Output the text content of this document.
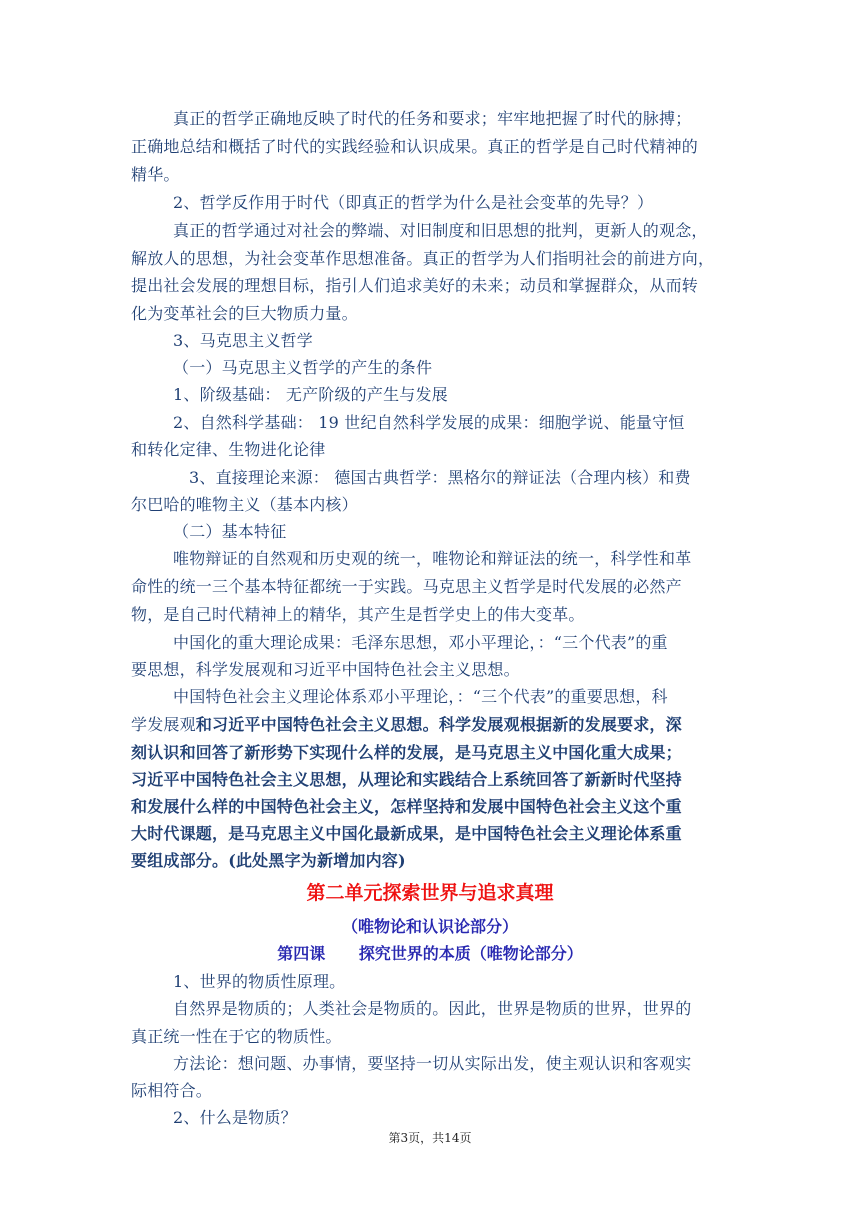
真正的哲学正确地反映了时代的任务和要求；牢牢地把握了时代的脉搏；
正确地总结和概括了时代的实践经验和认识成果。真正的哲学是自己时代精神的
精华。
2、哲学反作用于时代（即真正的哲学为什么是社会变革的先导？）
真正的哲学通过对社会的弊端、对旧制度和旧思想的批判，更新人的观念，
解放人的思想，为社会变革作思想准备。真正的哲学为人们指明社会的前进方向，
提出社会发展的理想目标，指引人们追求美好的未来；动员和掌握群众，从而转
化为变革社会的巨大物质力量。
3、马克思主义哲学
（一）马克思主义哲学的产生的条件
1、阶级基础： 无产阶级的产生与发展
2、自然科学基础： 19 世纪自然科学发展的成果：细胞学说、能量守恒
和转化定律、生物进化论律
3、直接理论来源： 德国古典哲学：黑格尔的辩证法（合理内核）和费
尔巴哈的唯物主义（基本内核）
（二）基本特征
唯物辩证的自然观和历史观的统一，唯物论和辩证法的统一，科学性和革
命性的统一三个基本特征都统一于实践。马克思主义哲学是时代发展的必然产
物，是自己时代精神上的精华，其产生是哲学史上的伟大变革。
中国化的重大理论成果：毛泽东思想，邓小平理论，：“三个代表”的重
要思想，科学发展观和习近平中国特色社会主义思想。
中国特色社会主义理论体系邓小平理论，：“三个代表”的重要思想，科
学发展观和习近平中国特色社会主义思想。科学发展观根据新的发展要求，深
刻认识和回答了新形势下实现什么样的发展，是马克思主义中国化重大成果；
习近平中国特色社会主义思想，从理论和实践结合上系统回答了新新时代坚持
和发展什么样的中国特色社会主义，怎样坚持和发展中国特色社会主义这个重
大时代课题，是马克思主义中国化最新成果，是中国特色社会主义理论体系重
要组成部分。(此处黑字为新增加内容)
第二单元探索世界与追求真理
（唯物论和认识论部分）
第四课      探究世界的本质（唯物论部分）
1、世界的物质性原理。
自然界是物质的；人类社会是物质的。因此，世界是物质的世界，世界的
真正统一性在于它的物质性。
方法论：想问题、办事情，要坚持一切从实际出发，使主观认识和客观实
际相符合。
2、什么是物质？
第3页，共14页
